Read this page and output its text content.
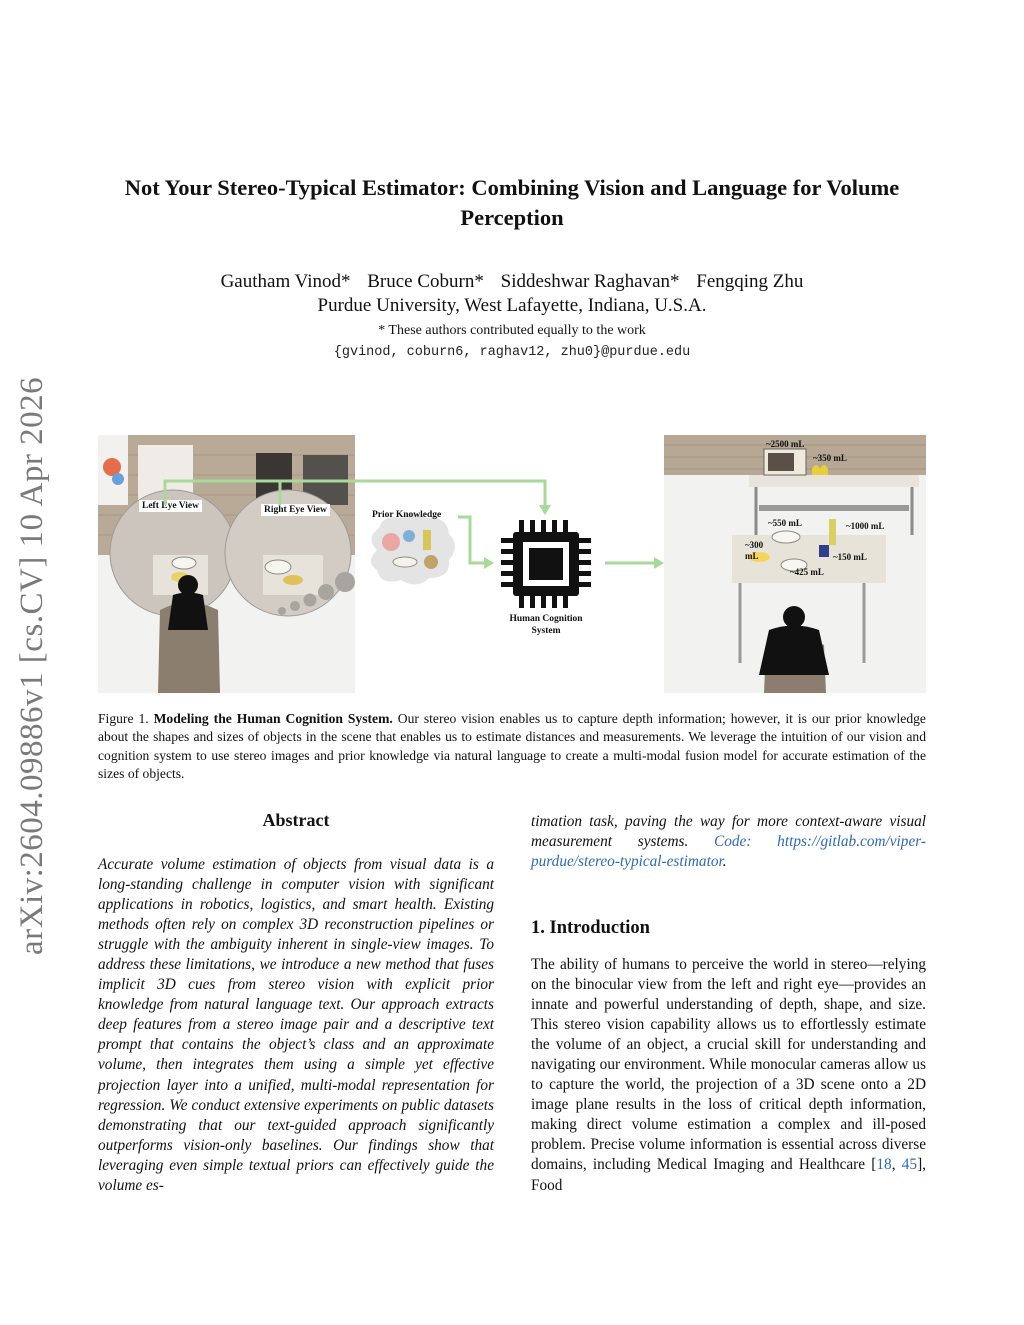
arXiv:2604.09886v1 [cs.CV] 10 Apr 2026
Not Your Stereo-Typical Estimator: Combining Vision and Language for Volume Perception
Gautham Vinod* Bruce Coburn* Siddeshwar Raghavan* Fengqing Zhu
Purdue University, West Lafayette, Indiana, U.S.A.
* These authors contributed equally to the work
{gvinod, coburn6, raghav12, zhu0}@purdue.edu
Left Eye View	Right Eye View	Prior Knowledge
Human Cognition System
~2500 mL
~350 mL
~550 mL	~1000 mL
~300 mL	~150 mL
~425 mL
Figure 1. Modeling the Human Cognition System. Our stereo vision enables us to capture depth information; however, it is our prior knowledge about the shapes and sizes of objects in the scene that enables us to estimate distances and measurements. We leverage the intuition of our vision and cognition system to use stereo images and prior knowledge via natural language to create a multi-modal fusion model for accurate estimation of the sizes of objects.
Abstract
Accurate volume estimation of objects from visual data is a long-standing challenge in computer vision with significant applications in robotics, logistics, and smart health. Existing methods often rely on complex 3D reconstruction pipelines or struggle with the ambiguity inherent in single-view images. To address these limitations, we introduce a new method that fuses implicit 3D cues from stereo vision with explicit prior knowledge from natural language text. Our approach extracts deep features from a stereo image pair and a descriptive text prompt that contains the object’s class and an approximate volume, then integrates them using a simple yet effective projection layer into a unified, multi-modal representation for regression. We conduct extensive experiments on public datasets demonstrating that our text-guided approach significantly outperforms vision-only baselines. Our findings show that leveraging even simple textual priors can effectively guide the volume es-
timation task, paving the way for more context-aware visual measurement systems. Code: https://gitlab.com/viper-purdue/stereo-typical-estimator.
1. Introduction
The ability of humans to perceive the world in stereo—relying on the binocular view from the left and right eye—provides an innate and powerful understanding of depth, shape, and size. This stereo vision capability allows us to effortlessly estimate the volume of an object, a crucial skill for understanding and navigating our environment. While monocular cameras allow us to capture the world, the projection of a 3D scene onto a 2D image plane results in the loss of critical depth information, making direct volume estimation a complex and ill-posed problem. Precise volume information is essential across diverse domains, including Medical Imaging and Healthcare [18, 45], Food
